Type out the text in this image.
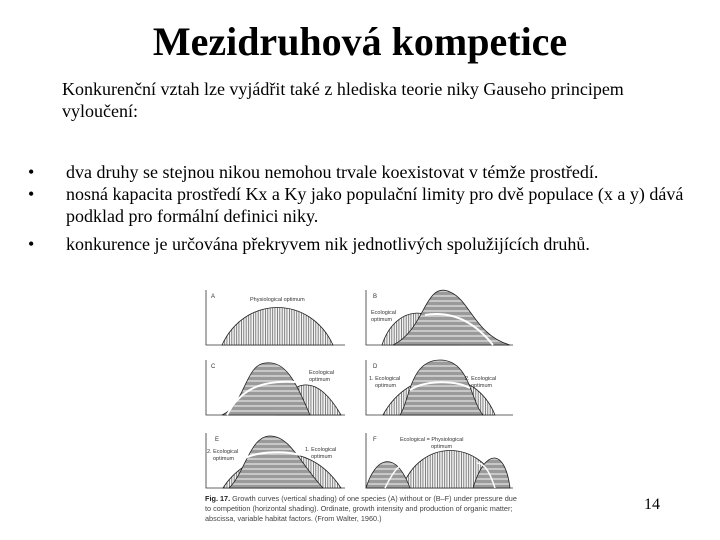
Mezidruhová kompetice
Konkurenční vztah lze vyjádřit také z hlediska teorie niky Gauseho principem vyloučení:
• dva druhy se stejnou nikou nemohou trvale koexistovat v témže prostředí.
• nosná kapacita prostředí Kx a Ky jako populační limity pro dvě populace (x a y) dává podklad pro formální definici niky.
• konkurence je určována překryvem nik jednotlivých spolužijících druhů.
A	Physiological optimum	B
Ecological
optimum
C
Ecological
optimum
D
1. Ecological
optimum
2. Ecological
optimum
E
2. Ecological
optimum
1. Ecological
optimum
F	Ecological = Physiological
optimum
Fig. 17. Growth curves (vertical shading) of one species (A) without or (B–F) under pressure due to competition (horizontal shading). Ordinate, growth intensity and production of organic matter; abscissa, variable habitat factors. (From Walter, 1960.)
14
